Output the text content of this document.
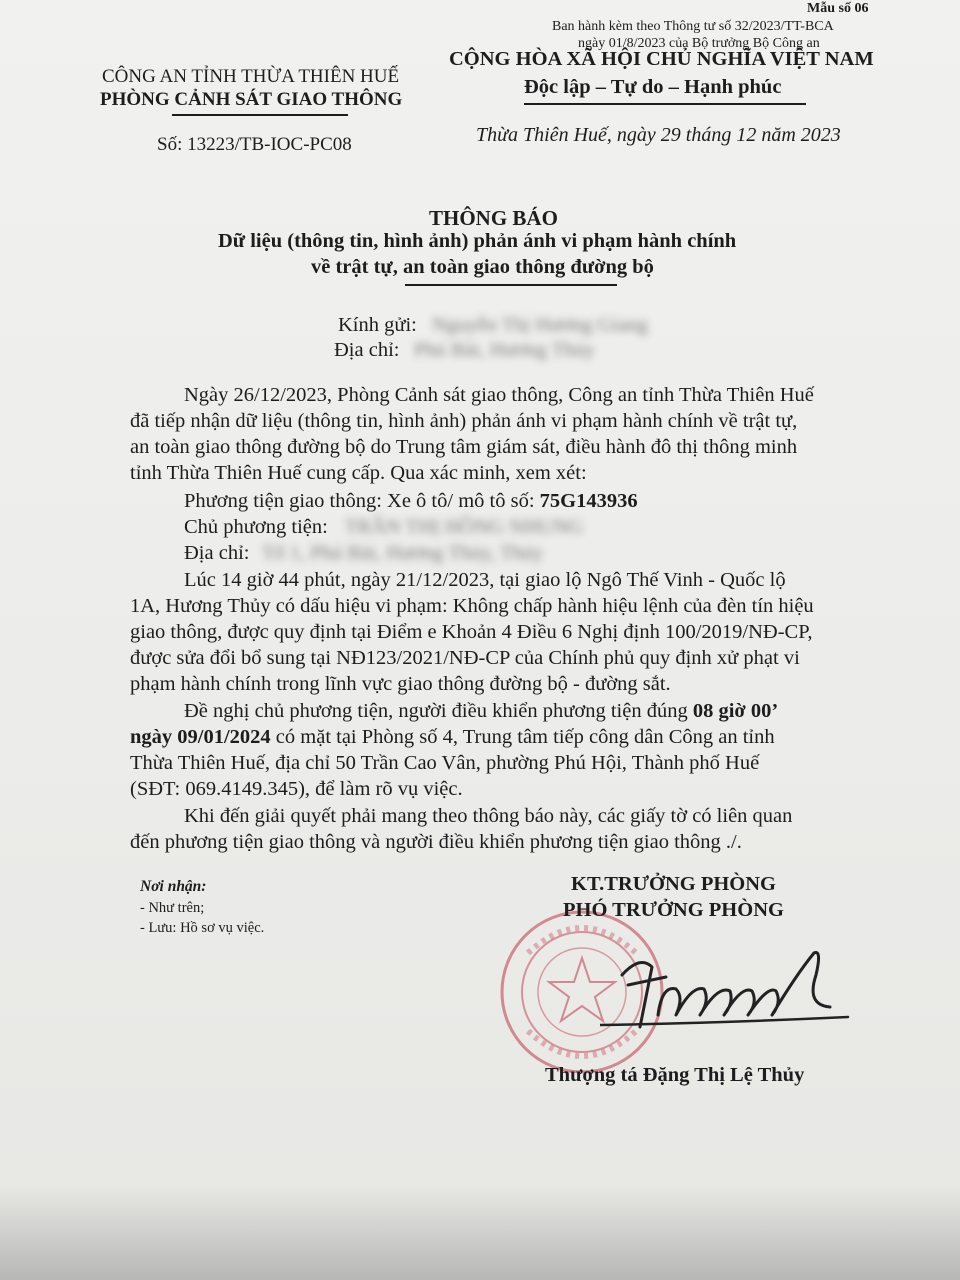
Mẫu số 06
Ban hành kèm theo Thông tư số 32/2023/TT-BCA
ngày 01/8/2023 của Bộ trưởng Bộ Công an
CÔNG AN TỈNH THỪA THIÊN HUẾ
PHÒNG CẢNH SÁT GIAO THÔNG
Số: 13223/TB-IOC-PC08
CỘNG HÒA XÃ HỘI CHỦ NGHĨA VIỆT NAM
Độc lập – Tự do – Hạnh phúc
Thừa Thiên Huế, ngày 29 tháng 12 năm 2023
THÔNG BÁO
Dữ liệu (thông tin, hình ảnh) phản ánh vi phạm hành chính
về trật tự, an toàn giao thông đường bộ
Kính gửi: Nguyễn Thị Hương Giang
Địa chỉ: Phú Bài, Hương Thủy
Ngày 26/12/2023, Phòng Cảnh sát giao thông, Công an tỉnh Thừa Thiên Huế
đã tiếp nhận dữ liệu (thông tin, hình ảnh) phản ánh vi phạm hành chính về trật tự,
an toàn giao thông đường bộ do Trung tâm giám sát, điều hành đô thị thông minh
tỉnh Thừa Thiên Huế cung cấp. Qua xác minh, xem xét:
Phương tiện giao thông: Xe ô tô/ mô tô số: 75G143936
Chủ phương tiện: TRẦN THỊ HỒNG NHUNG
Địa chỉ: Tổ 1, Phú Bài, Hương Thủy, Thủy
Lúc 14 giờ 44 phút, ngày 21/12/2023, tại giao lộ Ngô Thế Vinh - Quốc lộ
1A, Hương Thủy có dấu hiệu vi phạm: Không chấp hành hiệu lệnh của đèn tín hiệu
giao thông, được quy định tại Điểm e Khoản 4 Điều 6 Nghị định 100/2019/NĐ-CP,
được sửa đổi bổ sung tại NĐ123/2021/NĐ-CP của Chính phủ quy định xử phạt vi
phạm hành chính trong lĩnh vực giao thông đường bộ - đường sắt.
Đề nghị chủ phương tiện, người điều khiển phương tiện đúng 08 giờ 00’
ngày 09/01/2024 có mặt tại Phòng số 4, Trung tâm tiếp công dân Công an tỉnh
Thừa Thiên Huế, địa chỉ 50 Trần Cao Vân, phường Phú Hội, Thành phố Huế
(SĐT: 069.4149.345), để làm rõ vụ việc.
Khi đến giải quyết phải mang theo thông báo này, các giấy tờ có liên quan
đến phương tiện giao thông và người điều khiển phương tiện giao thông ./.
Nơi nhận:
- Như trên;
- Lưu: Hồ sơ vụ việc.
KT.TRƯỞNG PHÒNG
PHÓ TRƯỞNG PHÒNG
Thượng tá Đặng Thị Lệ Thủy
